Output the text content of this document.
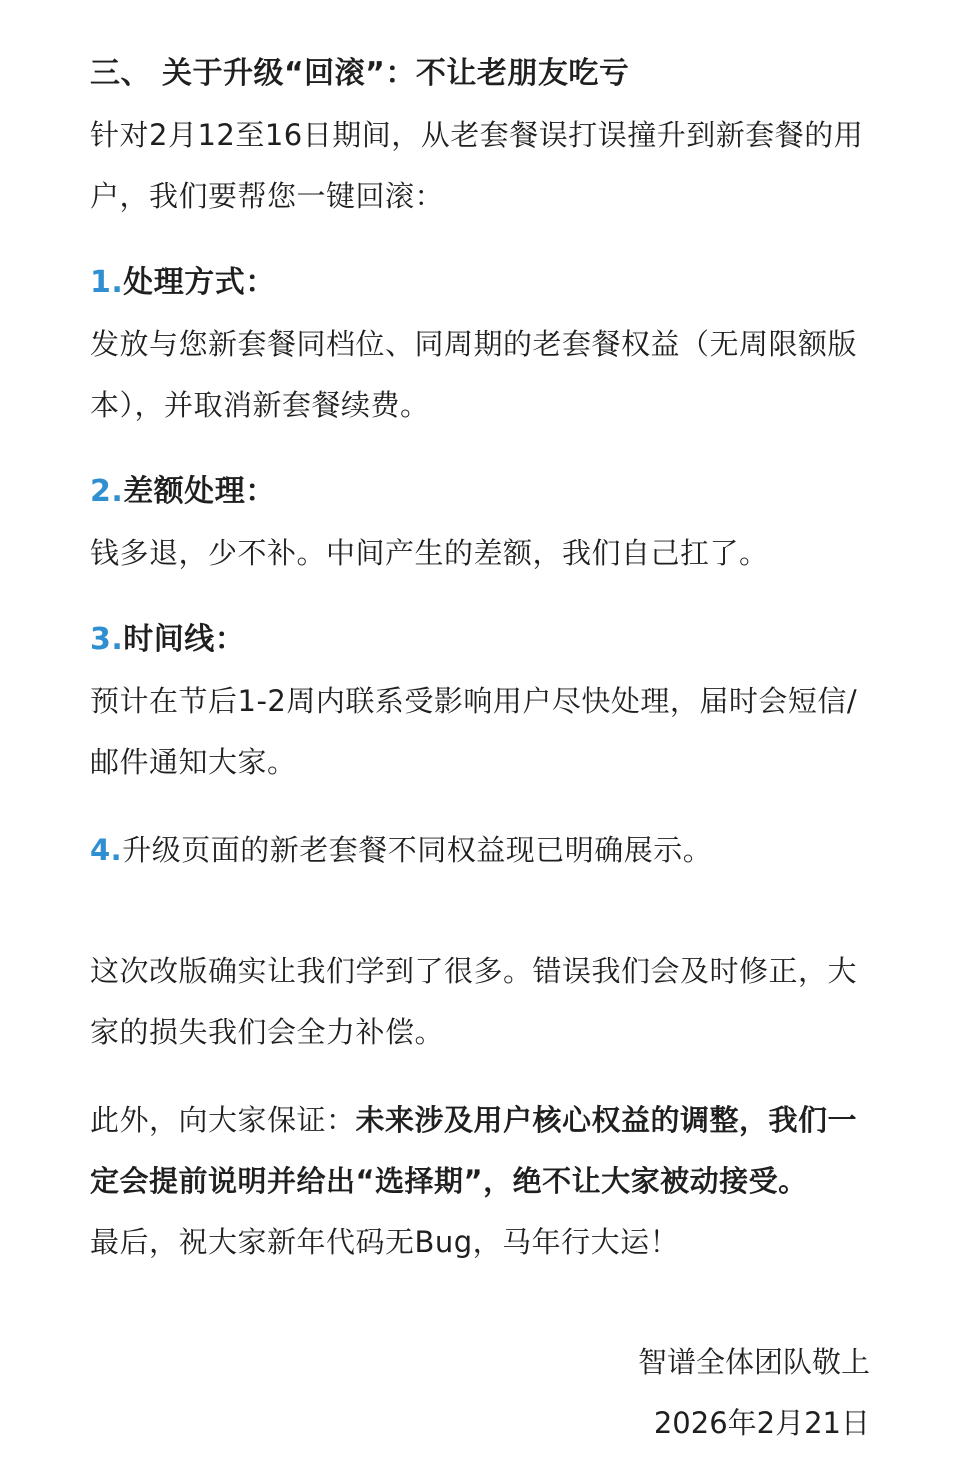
三、 关于升级“回滚”：不让老朋友吃亏
针对2月12至16日期间，从老套餐误打误撞升到新套餐的用
户，我们要帮您一键回滚：
1.处理方式：
发放与您新套餐同档位、同周期的老套餐权益（无周限额版
本），并取消新套餐续费。
2.差额处理：
钱多退，少不补。中间产生的差额，我们自己扛了。
3.时间线：
预计在节后1-2周内联系受影响用户尽快处理，届时会短信/
邮件通知大家。
4.升级页面的新老套餐不同权益现已明确展示。
这次改版确实让我们学到了很多。错误我们会及时修正，大
家的损失我们会全力补偿。
此外，向大家保证：未来涉及用户核心权益的调整，我们一
定会提前说明并给出“选择期”，绝不让大家被动接受。
最后，祝大家新年代码无Bug，马年行大运！
智谱全体团队敬上
2026年2月21日
